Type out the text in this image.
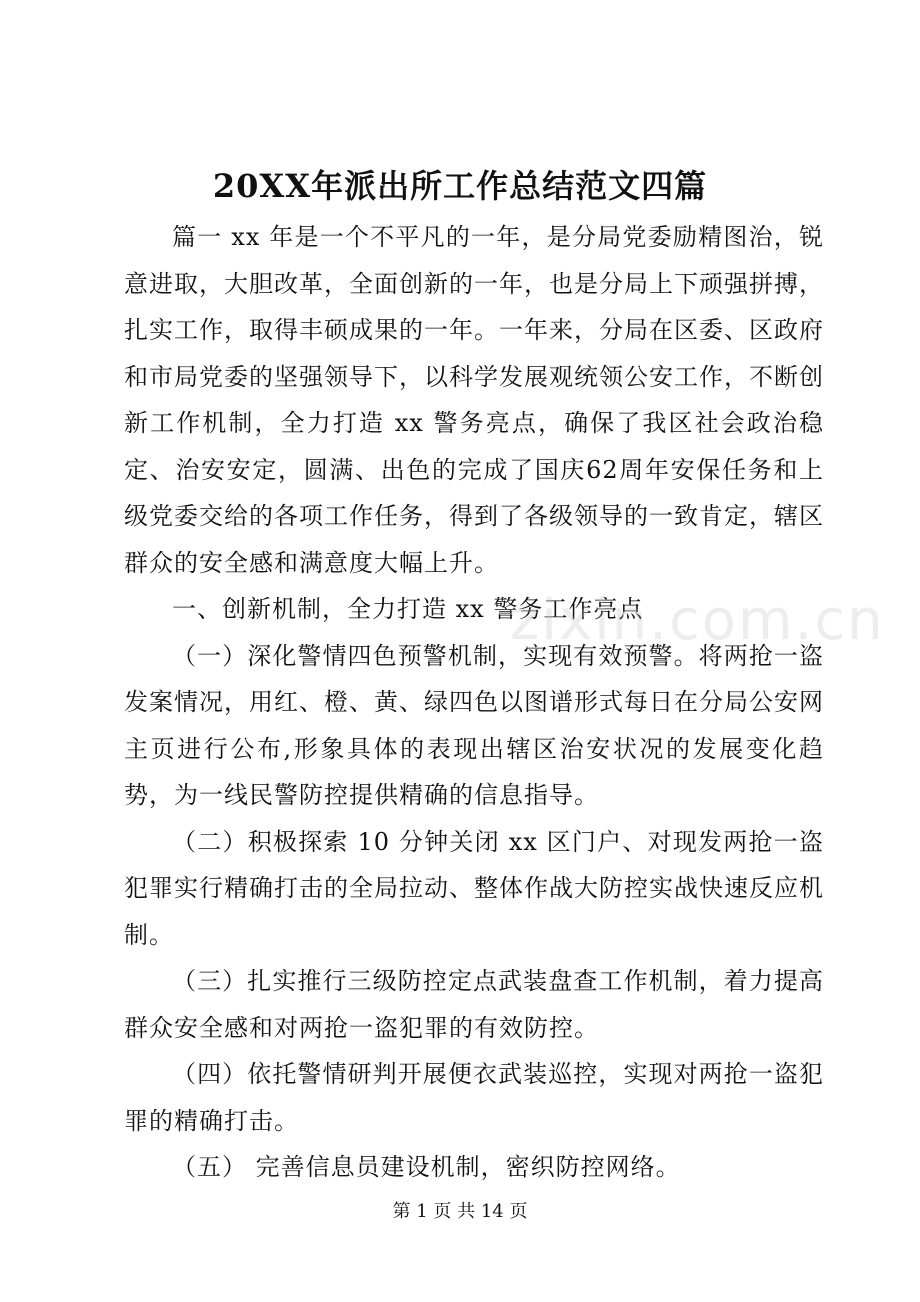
20XX年派出所工作总结范文四篇

篇一 xx 年是一个不平凡的一年，是分局党委励精图治，锐意进取，大胆改革，全面创新的一年，也是分局上下顽强拼搏，扎实工作，取得丰硕成果的一年。一年来，分局在区委、区政府和市局党委的坚强领导下，以科学发展观统领公安工作，不断创新工作机制，全力打造 xx 警务亮点，确保了我区社会政治稳定、治安安定，圆满、出色的完成了国庆62周年安保任务和上级党委交给的各项工作任务，得到了各级领导的一致肯定，辖区群众的安全感和满意度大幅上升。

一、创新机制，全力打造 xx 警务工作亮点

（一）深化警情四色预警机制，实现有效预警。将两抢一盗发案情况，用红、橙、黄、绿四色以图谱形式每日在分局公安网主页进行公布,形象具体的表现出辖区治安状况的发展变化趋势，为一线民警防控提供精确的信息指导。

（二）积极探索 10 分钟关闭 xx 区门户、对现发两抢一盗犯罪实行精确打击的全局拉动、整体作战大防控实战快速反应机制。

（三）扎实推行三级防控定点武装盘查工作机制，着力提高群众安全感和对两抢一盗犯罪的有效防控。

（四）依托警情研判开展便衣武装巡控，实现对两抢一盗犯罪的精确打击。

（五） 完善信息员建设机制，密织防控网络。

zixin.com.cn
第 1 页 共 14 页
